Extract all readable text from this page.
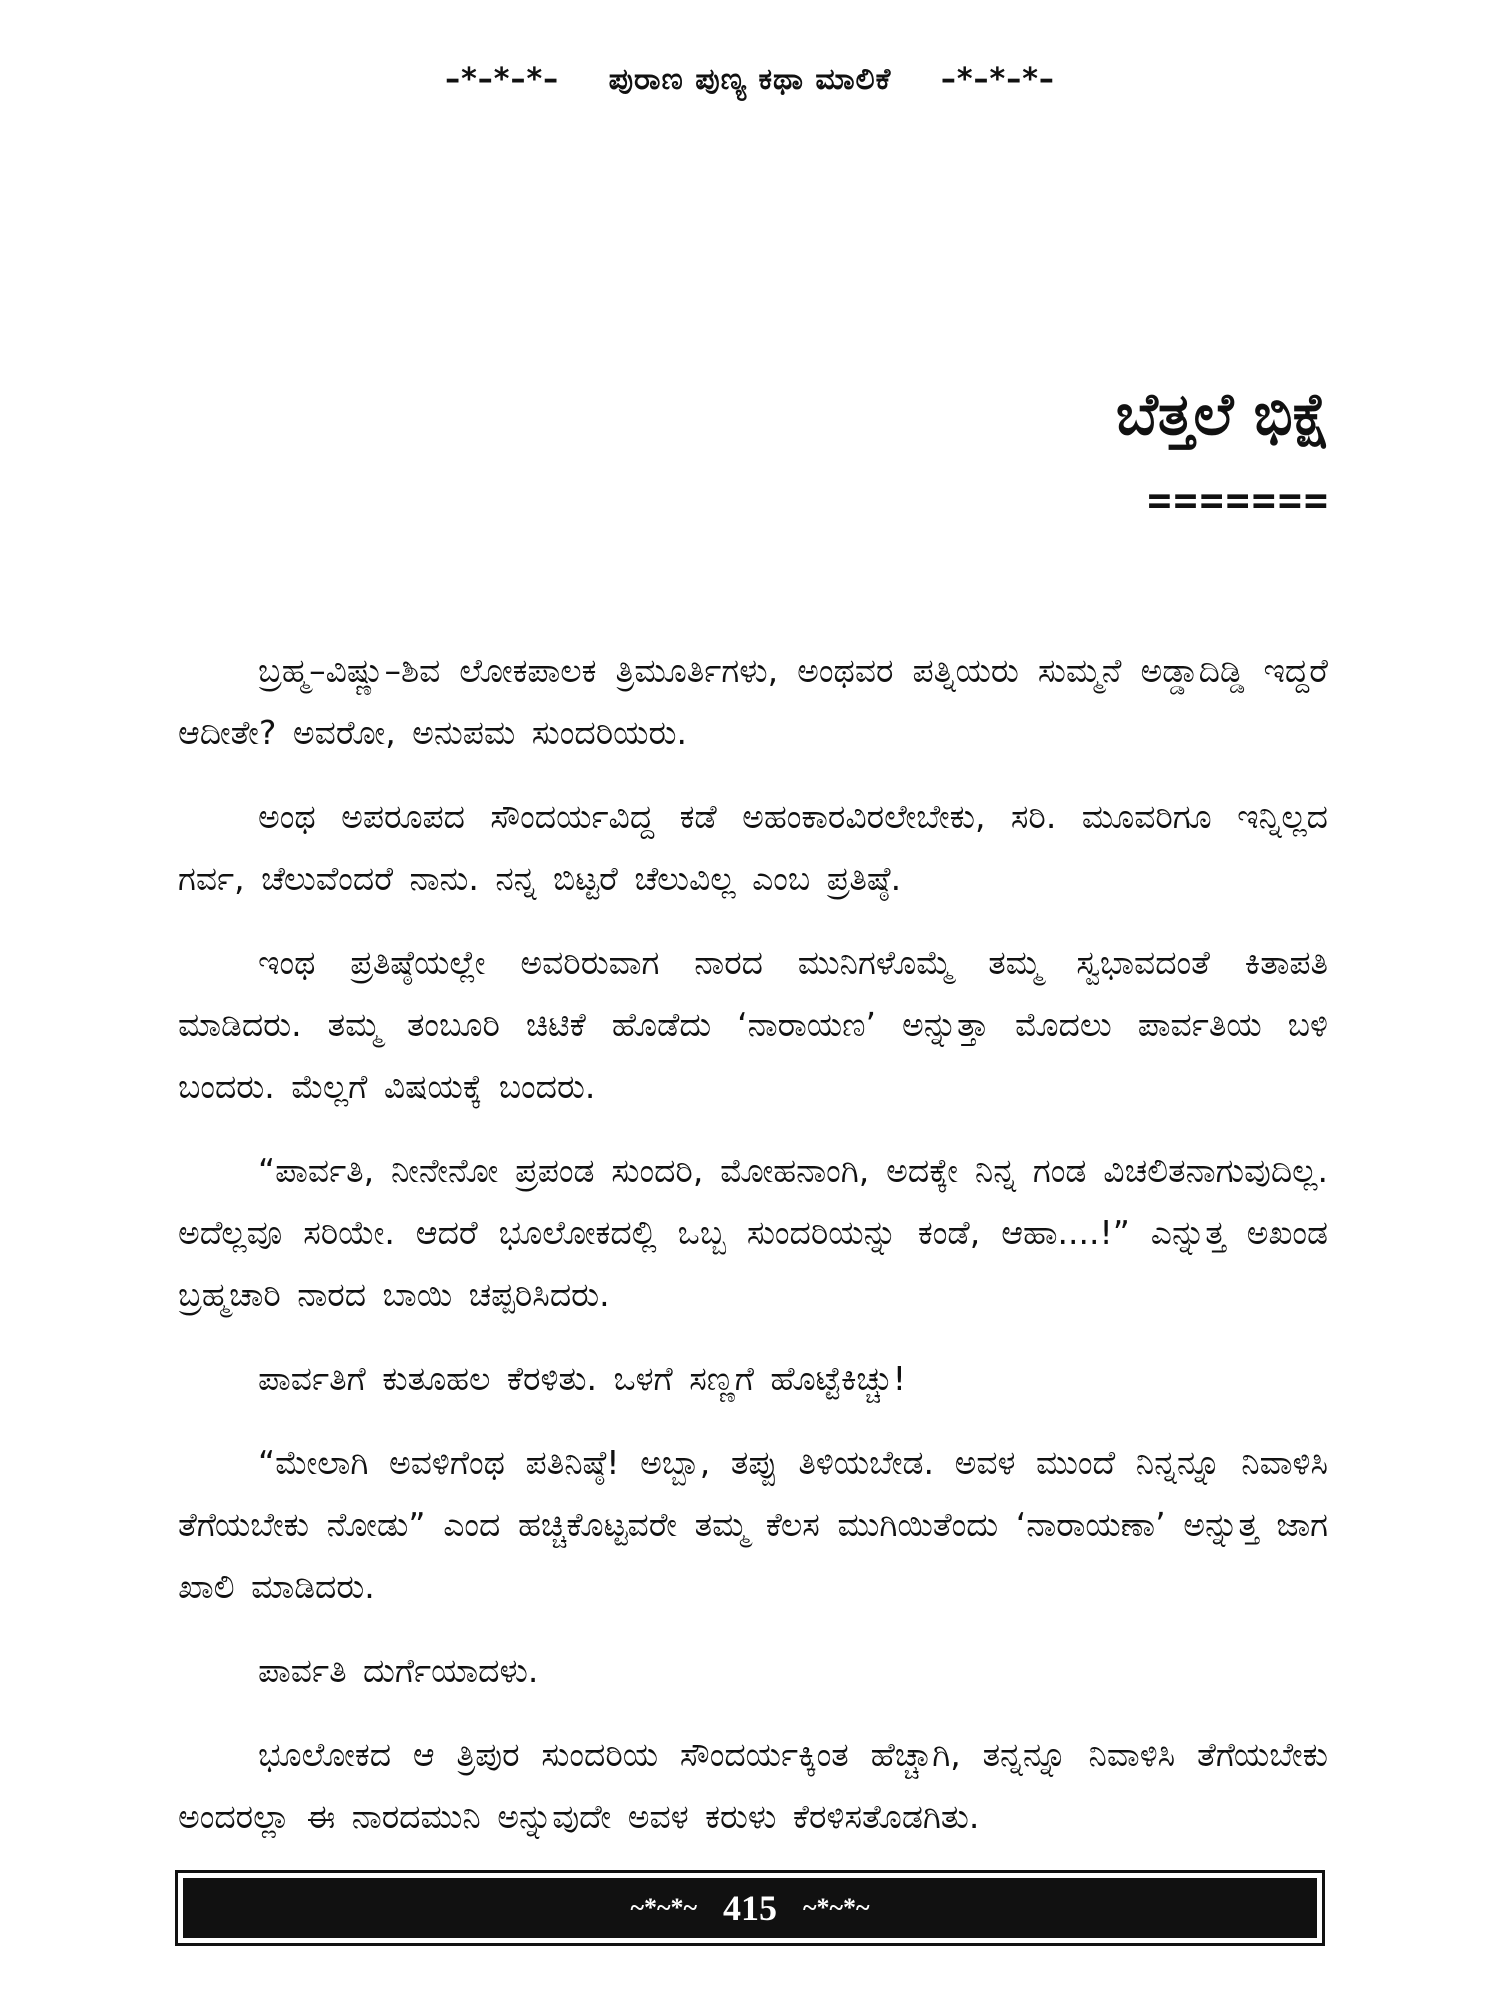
–*–*–*– ಪುರಾಣ ಪುಣ್ಯ ಕಥಾ ಮಾಲಿಕೆ –*–*–*–
ಬೆತ್ತಲೆ ಭಿಕ್ಷೆ
=======

ಬ್ರಹ್ಮ–ವಿಷ್ಣು–ಶಿವ ಲೋಕಪಾಲಕ ತ್ರಿಮೂರ್ತಿಗಳು, ಅಂಥವರ ಪತ್ನಿಯರು ಸುಮ್ಮನೆ ಅಡ್ಡಾದಿಡ್ಡಿ ಇದ್ದರೆ ಆದೀತೇ? ಅವರೋ, ಅನುಪಮ ಸುಂದರಿಯರು.

ಅಂಥ ಅಪರೂಪದ ಸೌಂದರ್ಯವಿದ್ದ ಕಡೆ ಅಹಂಕಾರವಿರಲೇಬೇಕು, ಸರಿ. ಮೂವರಿಗೂ ಇನ್ನಿಲ್ಲದ ಗರ್ವ, ಚೆಲುವೆಂದರೆ ನಾನು. ನನ್ನ ಬಿಟ್ಟರೆ ಚೆಲುವಿಲ್ಲ ಎಂಬ ಪ್ರತಿಷ್ಠೆ.

ಇಂಥ ಪ್ರತಿಷ್ಠೆಯಲ್ಲೇ ಅವರಿರುವಾಗ ನಾರದ ಮುನಿಗಳೊಮ್ಮೆ ತಮ್ಮ ಸ್ವಭಾವದಂತೆ ಕಿತಾಪತಿ ಮಾಡಿದರು. ತಮ್ಮ ತಂಬೂರಿ ಚಿಟಿಕೆ ಹೊಡೆದು ‘ನಾರಾಯಣ’ ಅನ್ನುತ್ತಾ ಮೊದಲು ಪಾರ್ವತಿಯ ಬಳಿ ಬಂದರು. ಮೆಲ್ಲಗೆ ವಿಷಯಕ್ಕೆ ಬಂದರು.

“ಪಾರ್ವತಿ, ನೀನೇನೋ ಪ್ರಪಂಡ ಸುಂದರಿ, ಮೋಹನಾಂಗಿ, ಅದಕ್ಕೇ ನಿನ್ನ ಗಂಡ ವಿಚಲಿತನಾಗುವುದಿಲ್ಲ. ಅದೆಲ್ಲವೂ ಸರಿಯೇ. ಆದರೆ ಭೂಲೋಕದಲ್ಲಿ ಒಬ್ಬ ಸುಂದರಿಯನ್ನು ಕಂಡೆ, ಆಹಾ....!” ಎನ್ನುತ್ತ ಅಖಂಡ ಬ್ರಹ್ಮಚಾರಿ ನಾರದ ಬಾಯಿ ಚಪ್ಪರಿಸಿದರು.

ಪಾರ್ವತಿಗೆ ಕುತೂಹಲ ಕೆರಳಿತು. ಒಳಗೆ ಸಣ್ಣಗೆ ಹೊಟ್ಟೆಕಿಚ್ಚು!

“ಮೇಲಾಗಿ ಅವಳಿಗೆಂಥ ಪತಿನಿಷ್ಠೆ! ಅಬ್ಬಾ, ತಪ್ಪು ತಿಳಿಯಬೇಡ. ಅವಳ ಮುಂದೆ ನಿನ್ನನ್ನೂ ನಿವಾಳಿಸಿ ತೆಗೆಯಬೇಕು ನೋಡು” ಎಂದ ಹಚ್ಚಿಕೊಟ್ಟವರೇ ತಮ್ಮ ಕೆಲಸ ಮುಗಿಯಿತೆಂದು ‘ನಾರಾಯಣಾ’ ಅನ್ನುತ್ತ ಜಾಗ ಖಾಲಿ ಮಾಡಿದರು.

ಪಾರ್ವತಿ ದುರ್ಗೆಯಾದಳು.

ಭೂಲೋಕದ ಆ ತ್ರಿಪುರ ಸುಂದರಿಯ ಸೌಂದರ್ಯಕ್ಕಿಂತ ಹೆಚ್ಚಾಗಿ, ತನ್ನನ್ನೂ ನಿವಾಳಿಸಿ ತೆಗೆಯಬೇಕು ಅಂದರಲ್ಲಾ ಈ ನಾರದಮುನಿ ಅನ್ನುವುದೇ ಅವಳ ಕರುಳು ಕೆರಳಿಸತೊಡಗಿತು.

~*~*~ 415 ~*~*~
